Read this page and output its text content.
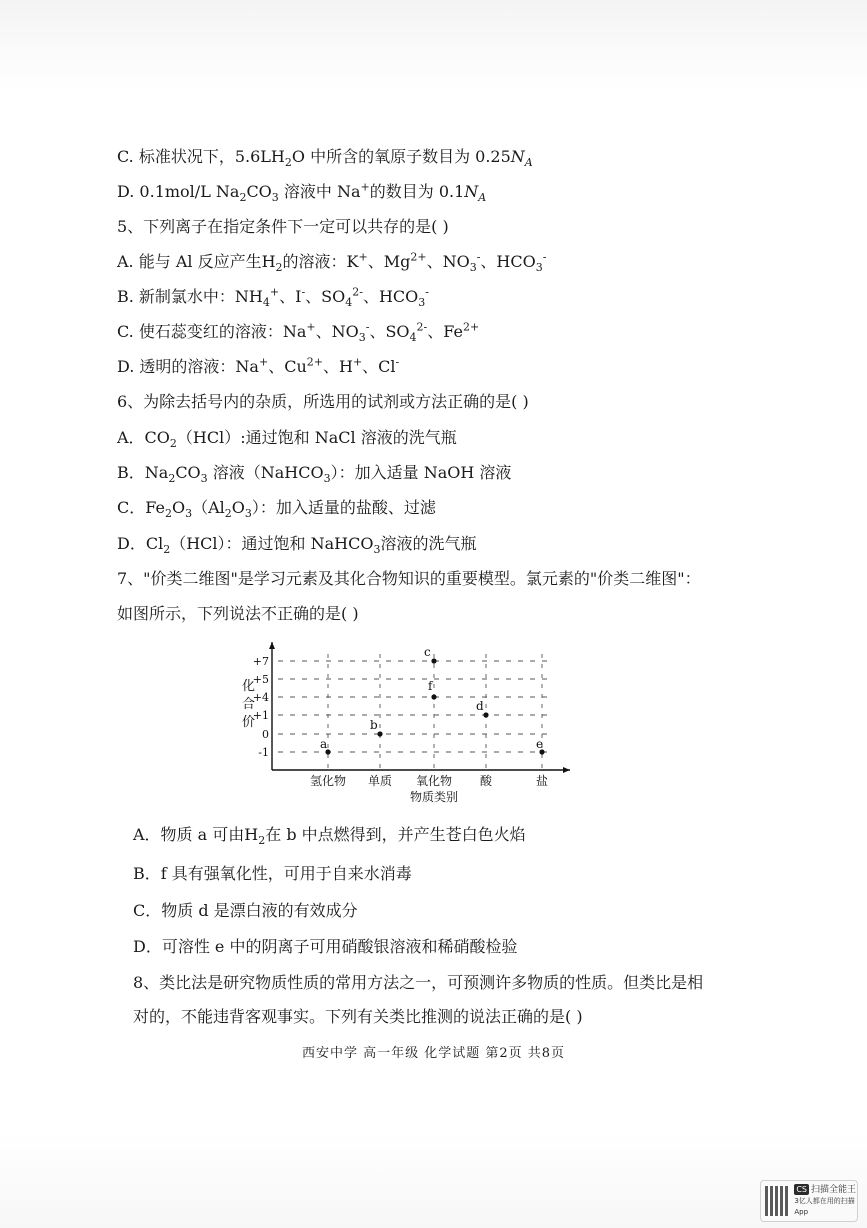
C. 标准状况下，$5.6LH_2O$ 中所含的氧原子数目为 $0.25N_A$
D. 0.1mol/L $Na_2CO_3$ 溶液中 Na+的数目为 $0.1N_A$
5、下列离子在指定条件下一定可以共存的是( )
A. 能与 Al 反应产生$H_2$的溶液：K+、$Mg^{2+}$、$NO_3^-$、$HCO_3^-$
B. 新制氯水中：$NH_4^+$、I-、$SO_4^{2-}$、$HCO_3^-$
C. 使石蕊变红的溶液：Na+、$NO_3^-$、$SO_4^{2-}$、$Fe^{2+}$
D. 透明的溶液：Na+、$Cu^{2+}$、H+、Cl-
6、为除去括号内的杂质，所选用的试剂或方法正确的是( )
A．$CO_2(HCl)$:通过饱和 NaCl 溶液的洗气瓶
B．$Na_2CO_3$ 溶液（NaHCO$_3$）：加入适量 NaOH 溶液
C．$Fe_2O_3(Al_2O_3)$：加入适量的盐酸、过滤
D．$Cl_2(HCl)$：通过饱和 NaHCO$_3$溶液的洗气瓶
7、"价类二维图"是学习元素及其化合物知识的重要模型。氯元素的"价类二维图"：
如图所示，下列说法不正确的是( )
+7
+5
+4
+1
0
-1
化
合
价
氢化物 单质 氧化物 酸	盐
物质类别
a
b
c
f
d
e
A．物质 a 可由$H_2$在 b 中点燃得到，并产生苍白色火焰
B．f 具有强氧化性，可用于自来水消毒
C．物质 d 是漂白液的有效成分
D．可溶性 e 中的阴离子可用硝酸银溶液和稀硝酸检验
8、类比法是研究物质性质的常用方法之一，可预测许多物质的性质。但类比是相
对的，不能违背客观事实。下列有关类比推测的说法正确的是( )
西安中学 高一年级 化学试题 第2页 共8页
CS 扫描全能王
3亿人都在用的扫描App
